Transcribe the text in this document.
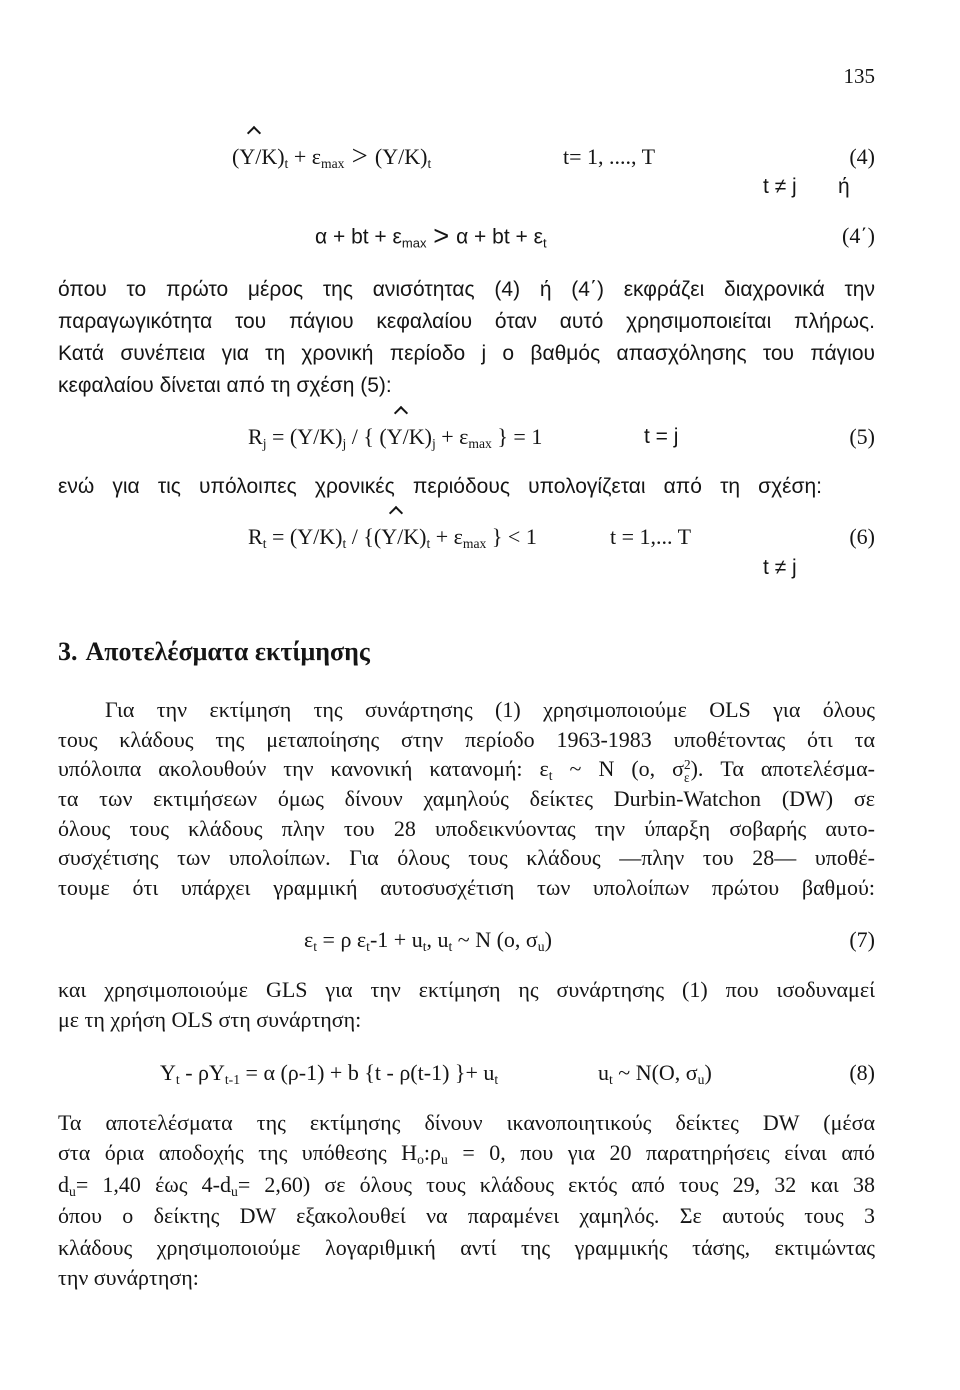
135
$(Y/K)_t + \varepsilon_{max} > (Y/K)_t$	t= 1, ...., T	(4)
t ≠ j ή
α + bt + $\varepsilon_{max} > \alpha$ + bt + $\varepsilon_t$	(4΄)
όπου το πρώτο μέρος της ανισότητας (4) ή (4΄) εκφράζει διαχρονικά την
παραγωγικότητα του πάγιου κεφαλαίου όταν αυτό χρησιμοποιείται πλήρως.
Κατά συνέπεια για τη χρονική περίοδο j ο βαθμός απασχόλησης του πάγιου
κεφαλαίου δίνεται από τη σχέση (5):
$R_j = (Y/K)_j$ / { $(Y/K)_j + \varepsilon_{max}$ } = 1	t = j	(5)
ενώ για τις υπόλοιπες χρονικές περιόδους υπολογίζεται από τη σχέση:
$R_t = (Y/K)_t / \{(Y/K)_t + \varepsilon_{max}$ } < 1	t = 1,... T	(6)
t ≠ j
3. Αποτελέσματα εκτίμησης
Για την εκτίμηση της συνάρτησης (1) χρησιμοποιούμε OLS για όλους
τους κλάδους της μεταποίησης στην περίοδο 1963-1983 υποθέτοντας ότι τα
υπόλοιπα ακολουθούν την κανονική κατανομή: $\varepsilon_t$ ~ N (ο, σ 2
ε ). Τα αποτελέσμα-
τα των εκτιμήσεων όμως δίνουν χαμηλούς δείκτες Durbin-Watchon (DW) σε
όλους τους κλάδους πλην του 28 υποδεικνύοντας την ύπαρξη σοβαρής αυτο-
συσχέτισης των υπολοίπων. Για όλους τους κλάδους —πλην του 28— υποθέ-
τουμε ότι υπάρχει γραμμική αυτοσυσχέτιση των υπολοίπων πρώτου βαθμού:
$\varepsilon_t = \rho$ $\varepsilon_t-1 + u_t$, $u_t$ ~ N (ο, $\sigma_u$)	(7)
και χρησιμοποιούμε GLS για την εκτίμηση ης συνάρτησης (1) που ισοδυναμεί
με τη χρήση OLS στη συνάρτηση:
$Y_t - \rho Y_{t-1} = \alpha$ (ρ-1) + b {t - ρ(t-1) }+ $u_t$	$u_t$ ~ N(O, $\sigma_u$)	(8)
Τα αποτελέσματα της εκτίμησης δίνουν ικανοποιητικούς δείκτες DW (μέσα
στα όρια αποδοχής της υπόθεσης $H_o:\rho_u = 0$, που για 20 παρατηρήσεις είναι από
$d_u= 1,40$ έως $4-d_u= 2,60$) σε όλους τους κλάδους εκτός από τους 29, 32 και 38
όπου ο δείκτης DW εξακολουθεί να παραμένει χαμηλός. Σε αυτούς τους 3
κλάδους χρησιμοποιούμε λογαριθμική αντί της γραμμικής τάσης, εκτιμώντας
την συνάρτηση:
